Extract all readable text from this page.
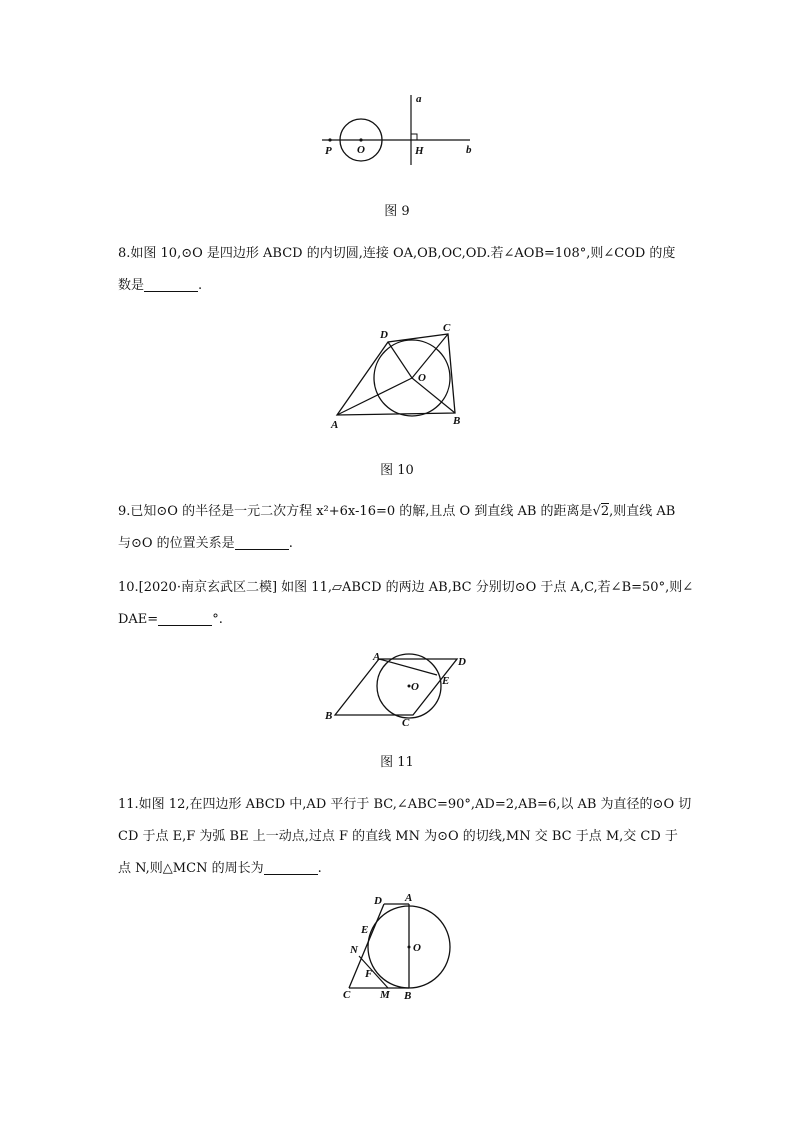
a
b
P O	H
图 9
8.如图 10,⊙O 是四边形 ABCD 的内切圆,连接 OA,OB,OC,OD.若∠AOB=108°,则∠COD 的度
数是	.
A	B
C
D
O
图 10
9.已知⊙O 的半径是一元二次方程 x²+6x-16=0 的解,且点 O 到直线 AB 的距离是√2,则直线 AB
与⊙O 的位置关系是	.
10.[2020·南京玄武区二模] 如图 11,▱ABCD 的两边 AB,BC 分别切⊙O 于点 A,C,若∠B=50°,则∠
DAE=	°.
A
B
C
D
E
O
图 11
11.如图 12,在四边形 ABCD 中,AD 平行于 BC,∠ABC=90°,AD=2,AB=6,以 AB 为直径的⊙O 切
CD 于点 E,F 为弧 BE 上一动点,过点 F 的直线 MN 为⊙O 的切线,MN 交 BC 于点 M,交 CD 于
点 N,则△MCN 的周长为	.
A
B
C
D
E
F
M
N	O
